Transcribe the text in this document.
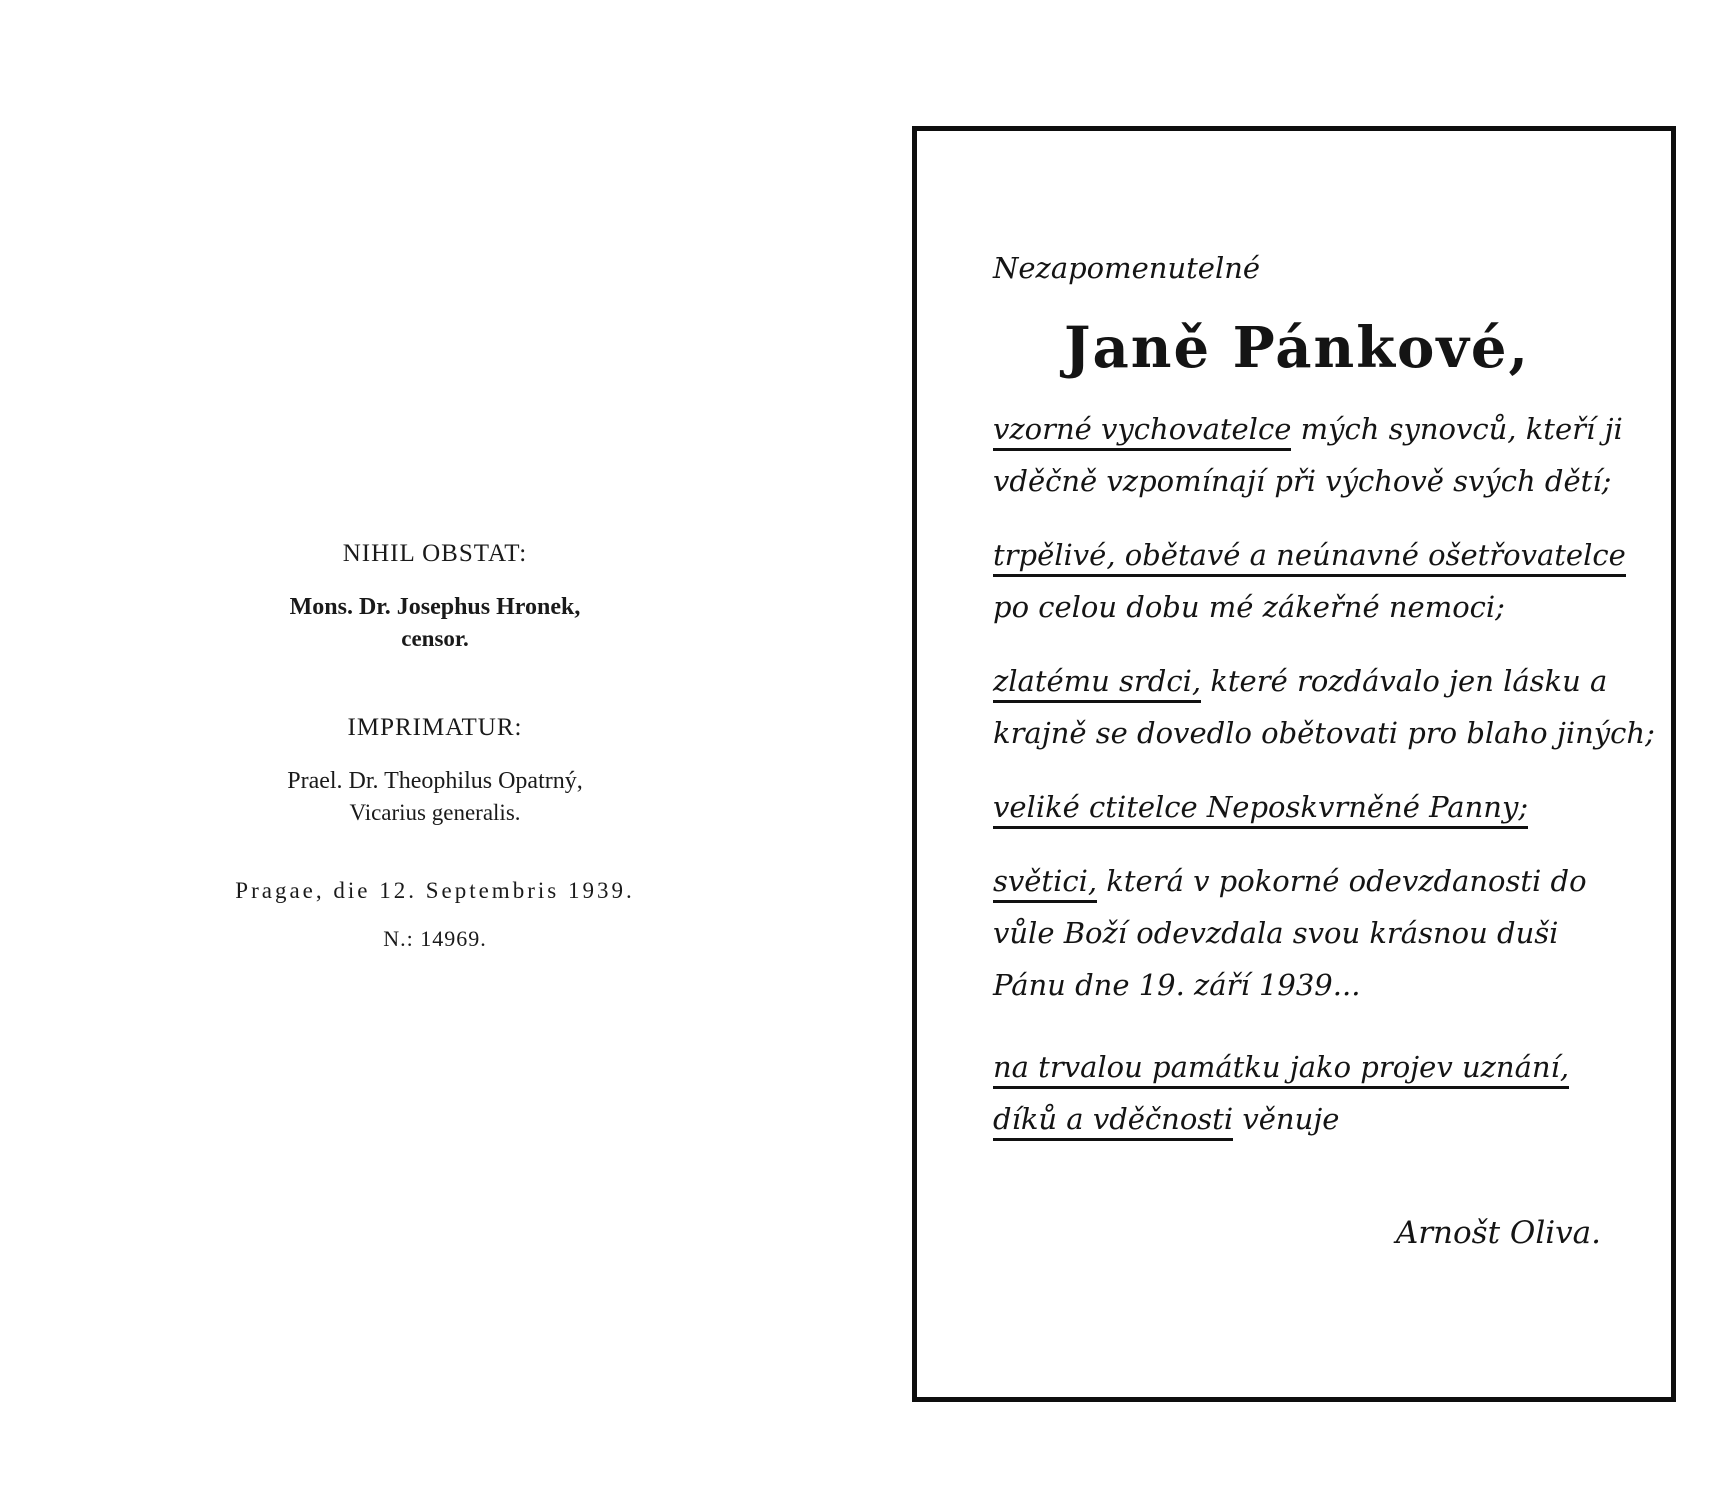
NIHIL OBSTAT:
Mons. Dr. Josephus Hronek,
censor.
IMPRIMATUR:
Prael. Dr. Theophilus Opatrný,
Vicarius generalis.
Pragae, die 12. Septembris 1939.
N.: 14969.
Nezapomenutelné
Janě Pánkové,
vzorné vychovatelce mých synovců, kteří ji
vděčně vzpomínají při výchově svých dětí;
trpělivé, obětavé a neúnavné ošetřovatelce
po celou dobu mé zákeřné nemoci;
zlatému srdci, které rozdávalo jen lásku a
krajně se dovedlo obětovati pro blaho jiných;
veliké ctitelce Neposkvrněné Panny;
světici, která v pokorné odevzdanosti do
vůle Boží odevzdala svou krásnou duši
Pánu dne 19. září 1939...
na trvalou památku jako projev uznání,
díků a vděčnosti věnuje
Arnošt Oliva.
